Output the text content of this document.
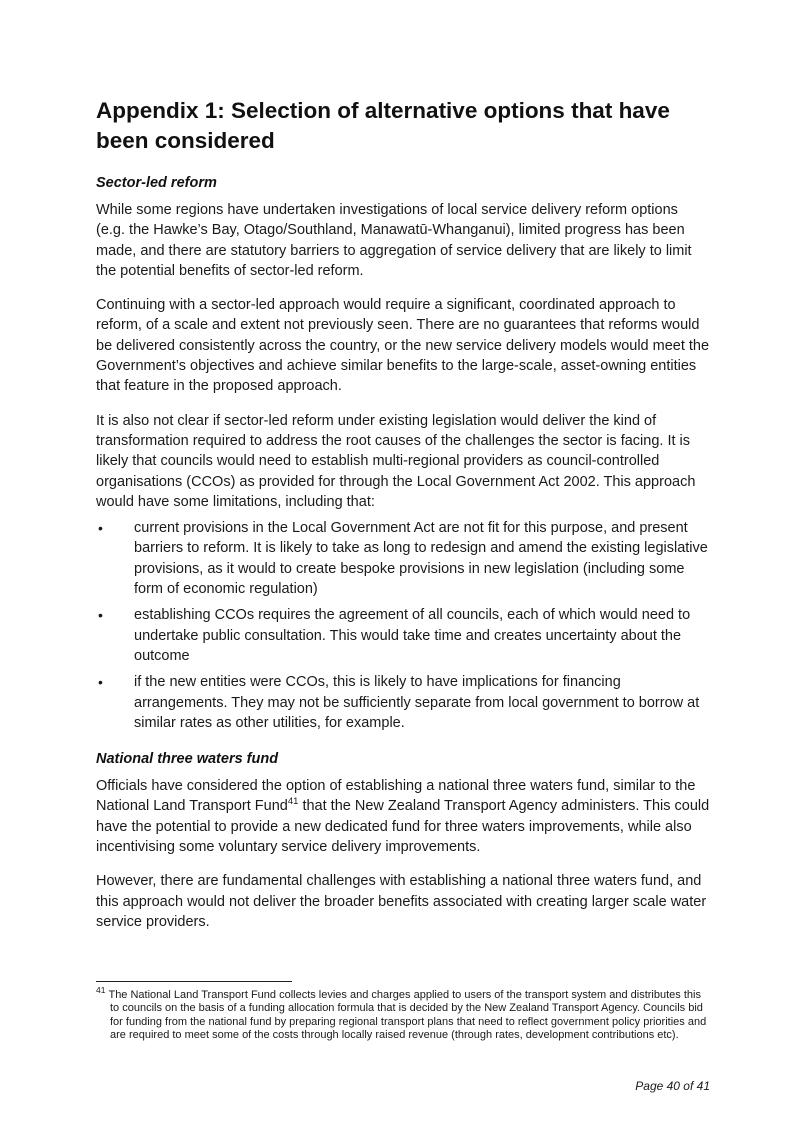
Appendix 1: Selection of alternative options that have been considered
Sector-led reform

While some regions have undertaken investigations of local service delivery reform options (e.g. the Hawke’s Bay, Otago/Southland, Manawatū-Whanganui), limited progress has been made, and there are statutory barriers to aggregation of service delivery that are likely to limit the potential benefits of sector-led reform.

Continuing with a sector-led approach would require a significant, coordinated approach to reform, of a scale and extent not previously seen. There are no guarantees that reforms would be delivered consistently across the country, or the new service delivery models would meet the Government’s objectives and achieve similar benefits to the large-scale, asset-owning entities that feature in the proposed approach.

It is also not clear if sector-led reform under existing legislation would deliver the kind of transformation required to address the root causes of the challenges the sector is facing. It is likely that councils would need to establish multi-regional providers as council-controlled organisations (CCOs) as provided for through the Local Government Act 2002. This approach would have some limitations, including that:

• current provisions in the Local Government Act are not fit for this purpose, and present barriers to reform. It is likely to take as long to redesign and amend the existing legislative provisions, as it would to create bespoke provisions in new legislation (including some form of economic regulation)
• establishing CCOs requires the agreement of all councils, each of which would need to undertake public consultation. This would take time and creates uncertainty about the outcome
• if the new entities were CCOs, this is likely to have implications for financing arrangements. They may not be sufficiently separate from local government to borrow at similar rates as other utilities, for example.
National three waters fund

Officials have considered the option of establishing a national three waters fund, similar to the National Land Transport Fund$^{41}$ that the New Zealand Transport Agency administers. This could have the potential to provide a new dedicated fund for three waters improvements, while also incentivising some voluntary service delivery improvements.

However, there are fundamental challenges with establishing a national three waters fund, and this approach would not deliver the broader benefits associated with creating larger scale water service providers.

$^{41}$ The National Land Transport Fund collects levies and charges applied to users of the transport system and distributes this to councils on the basis of a funding allocation formula that is decided by the New Zealand Transport Agency. Councils bid for funding from the national fund by preparing regional transport plans that need to reflect government policy priorities and are required to meet some of the costs through locally raised revenue (through rates, development contributions etc).
Page 40 of 41
